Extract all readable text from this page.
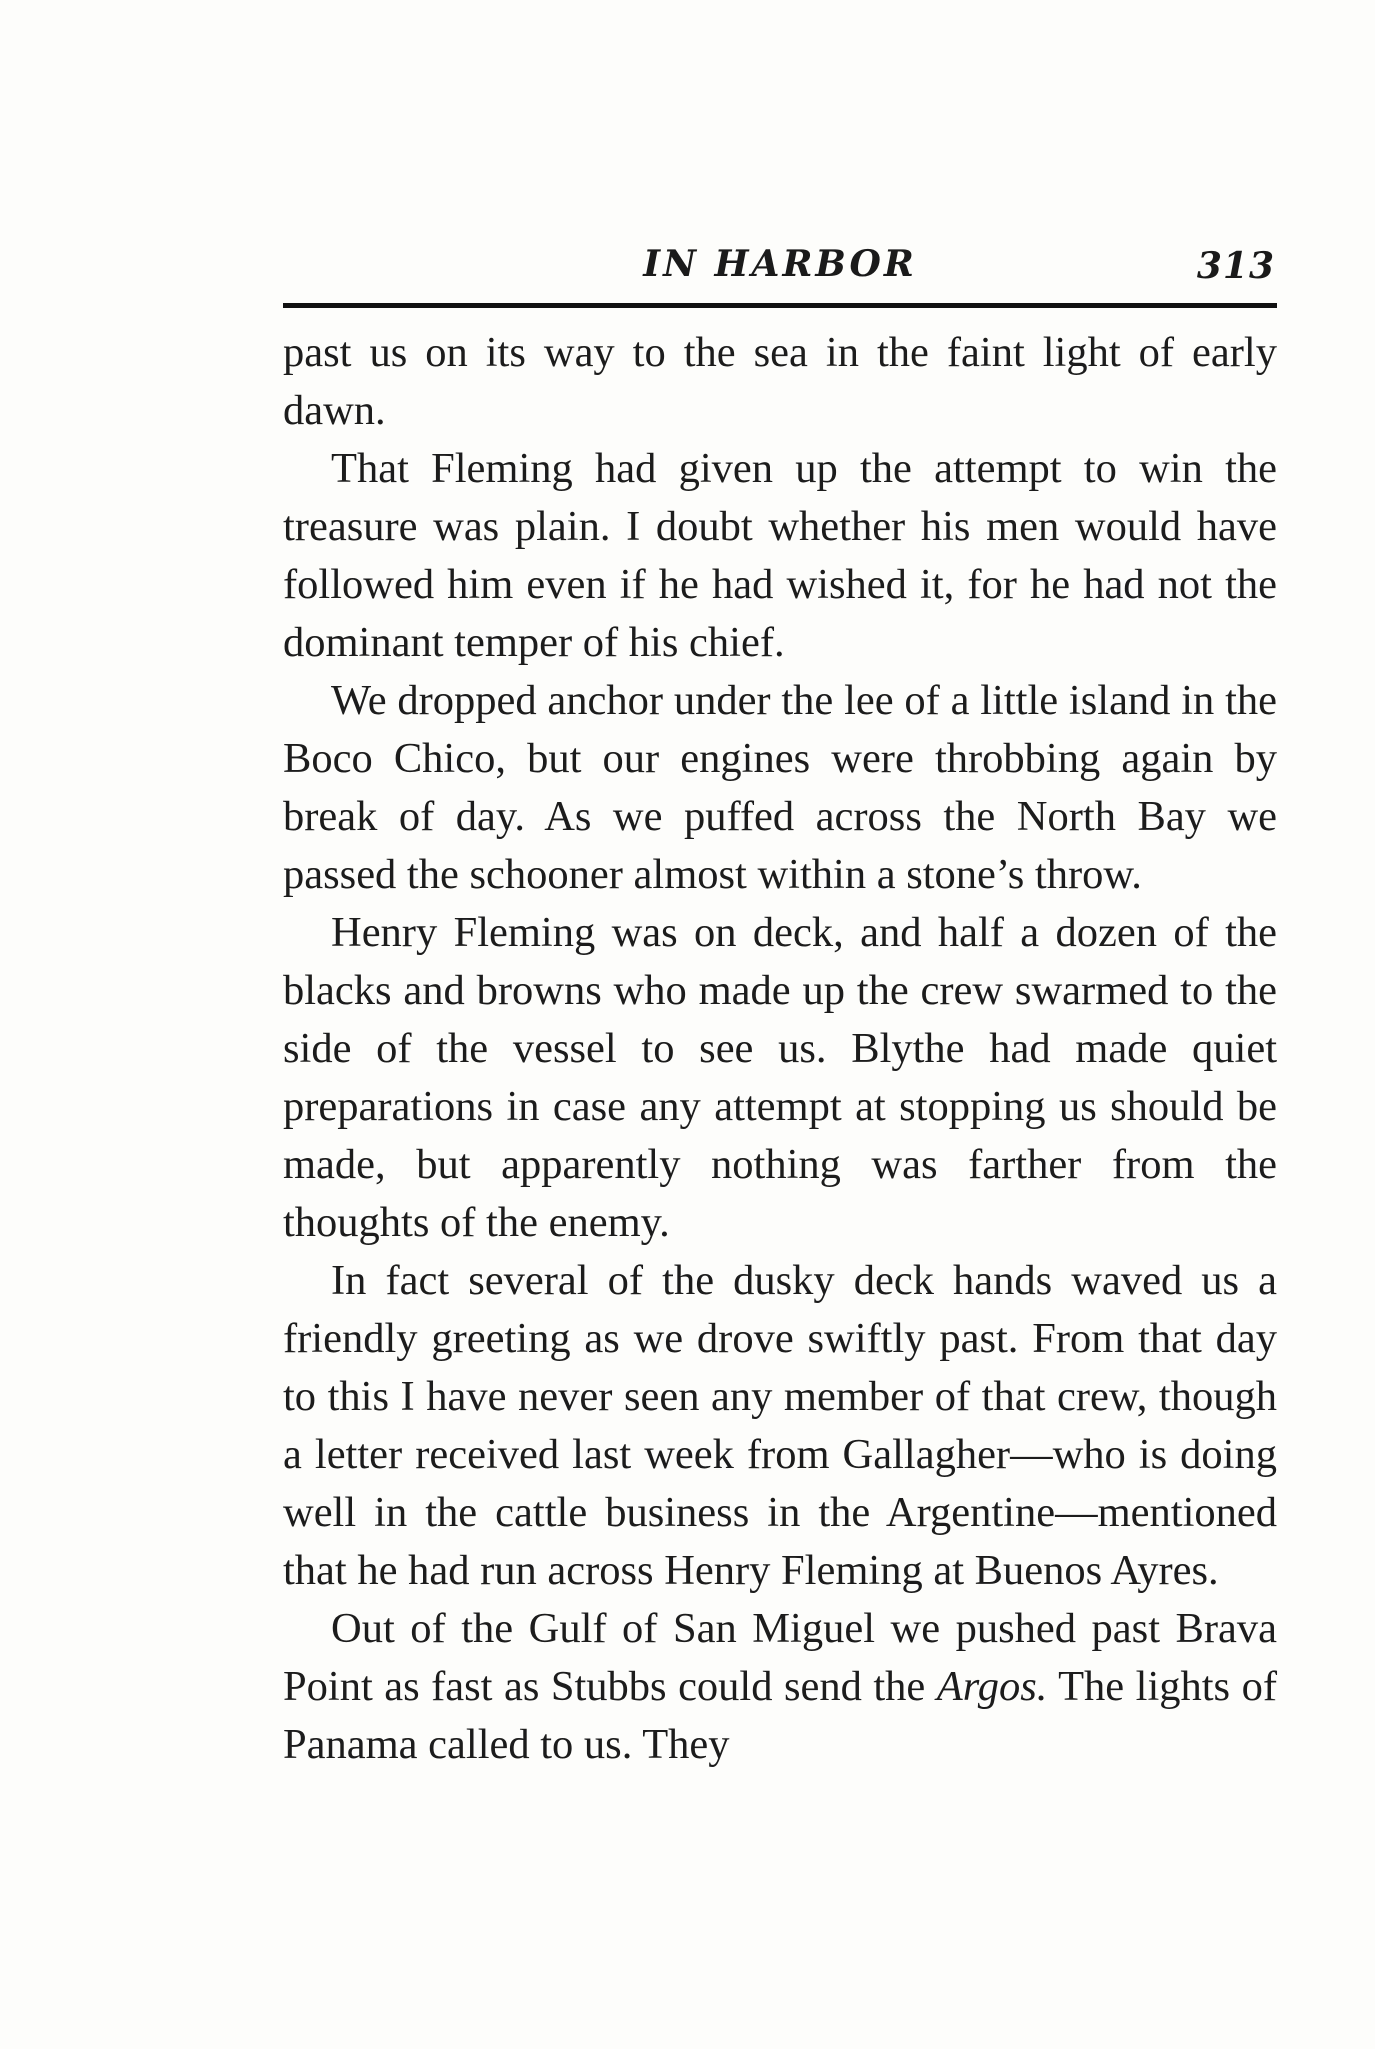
IN HARBOR	313

past us on its way to the sea in the faint light of early dawn.

That Fleming had given up the attempt to win the treasure was plain. I doubt whether his men would have followed him even if he had wished it, for he had not the dominant temper of his chief.

We dropped anchor under the lee of a little island in the Boco Chico, but our engines were throbbing again by break of day. As we puffed across the North Bay we passed the schooner almost within a stone’s throw.

Henry Fleming was on deck, and half a dozen of the blacks and browns who made up the crew swarmed to the side of the vessel to see us. Blythe had made quiet preparations in case any attempt at stopping us should be made, but apparently nothing was farther from the thoughts of the enemy.

In fact several of the dusky deck hands waved us a friendly greeting as we drove swiftly past. From that day to this I have never seen any member of that crew, though a letter received last week from Gallagher—who is doing well in the cattle business in the Argentine—mentioned that he had run across Henry Fleming at Buenos Ayres.

Out of the Gulf of San Miguel we pushed past Brava Point as fast as Stubbs could send the Argos. The lights of Panama called to us. They
